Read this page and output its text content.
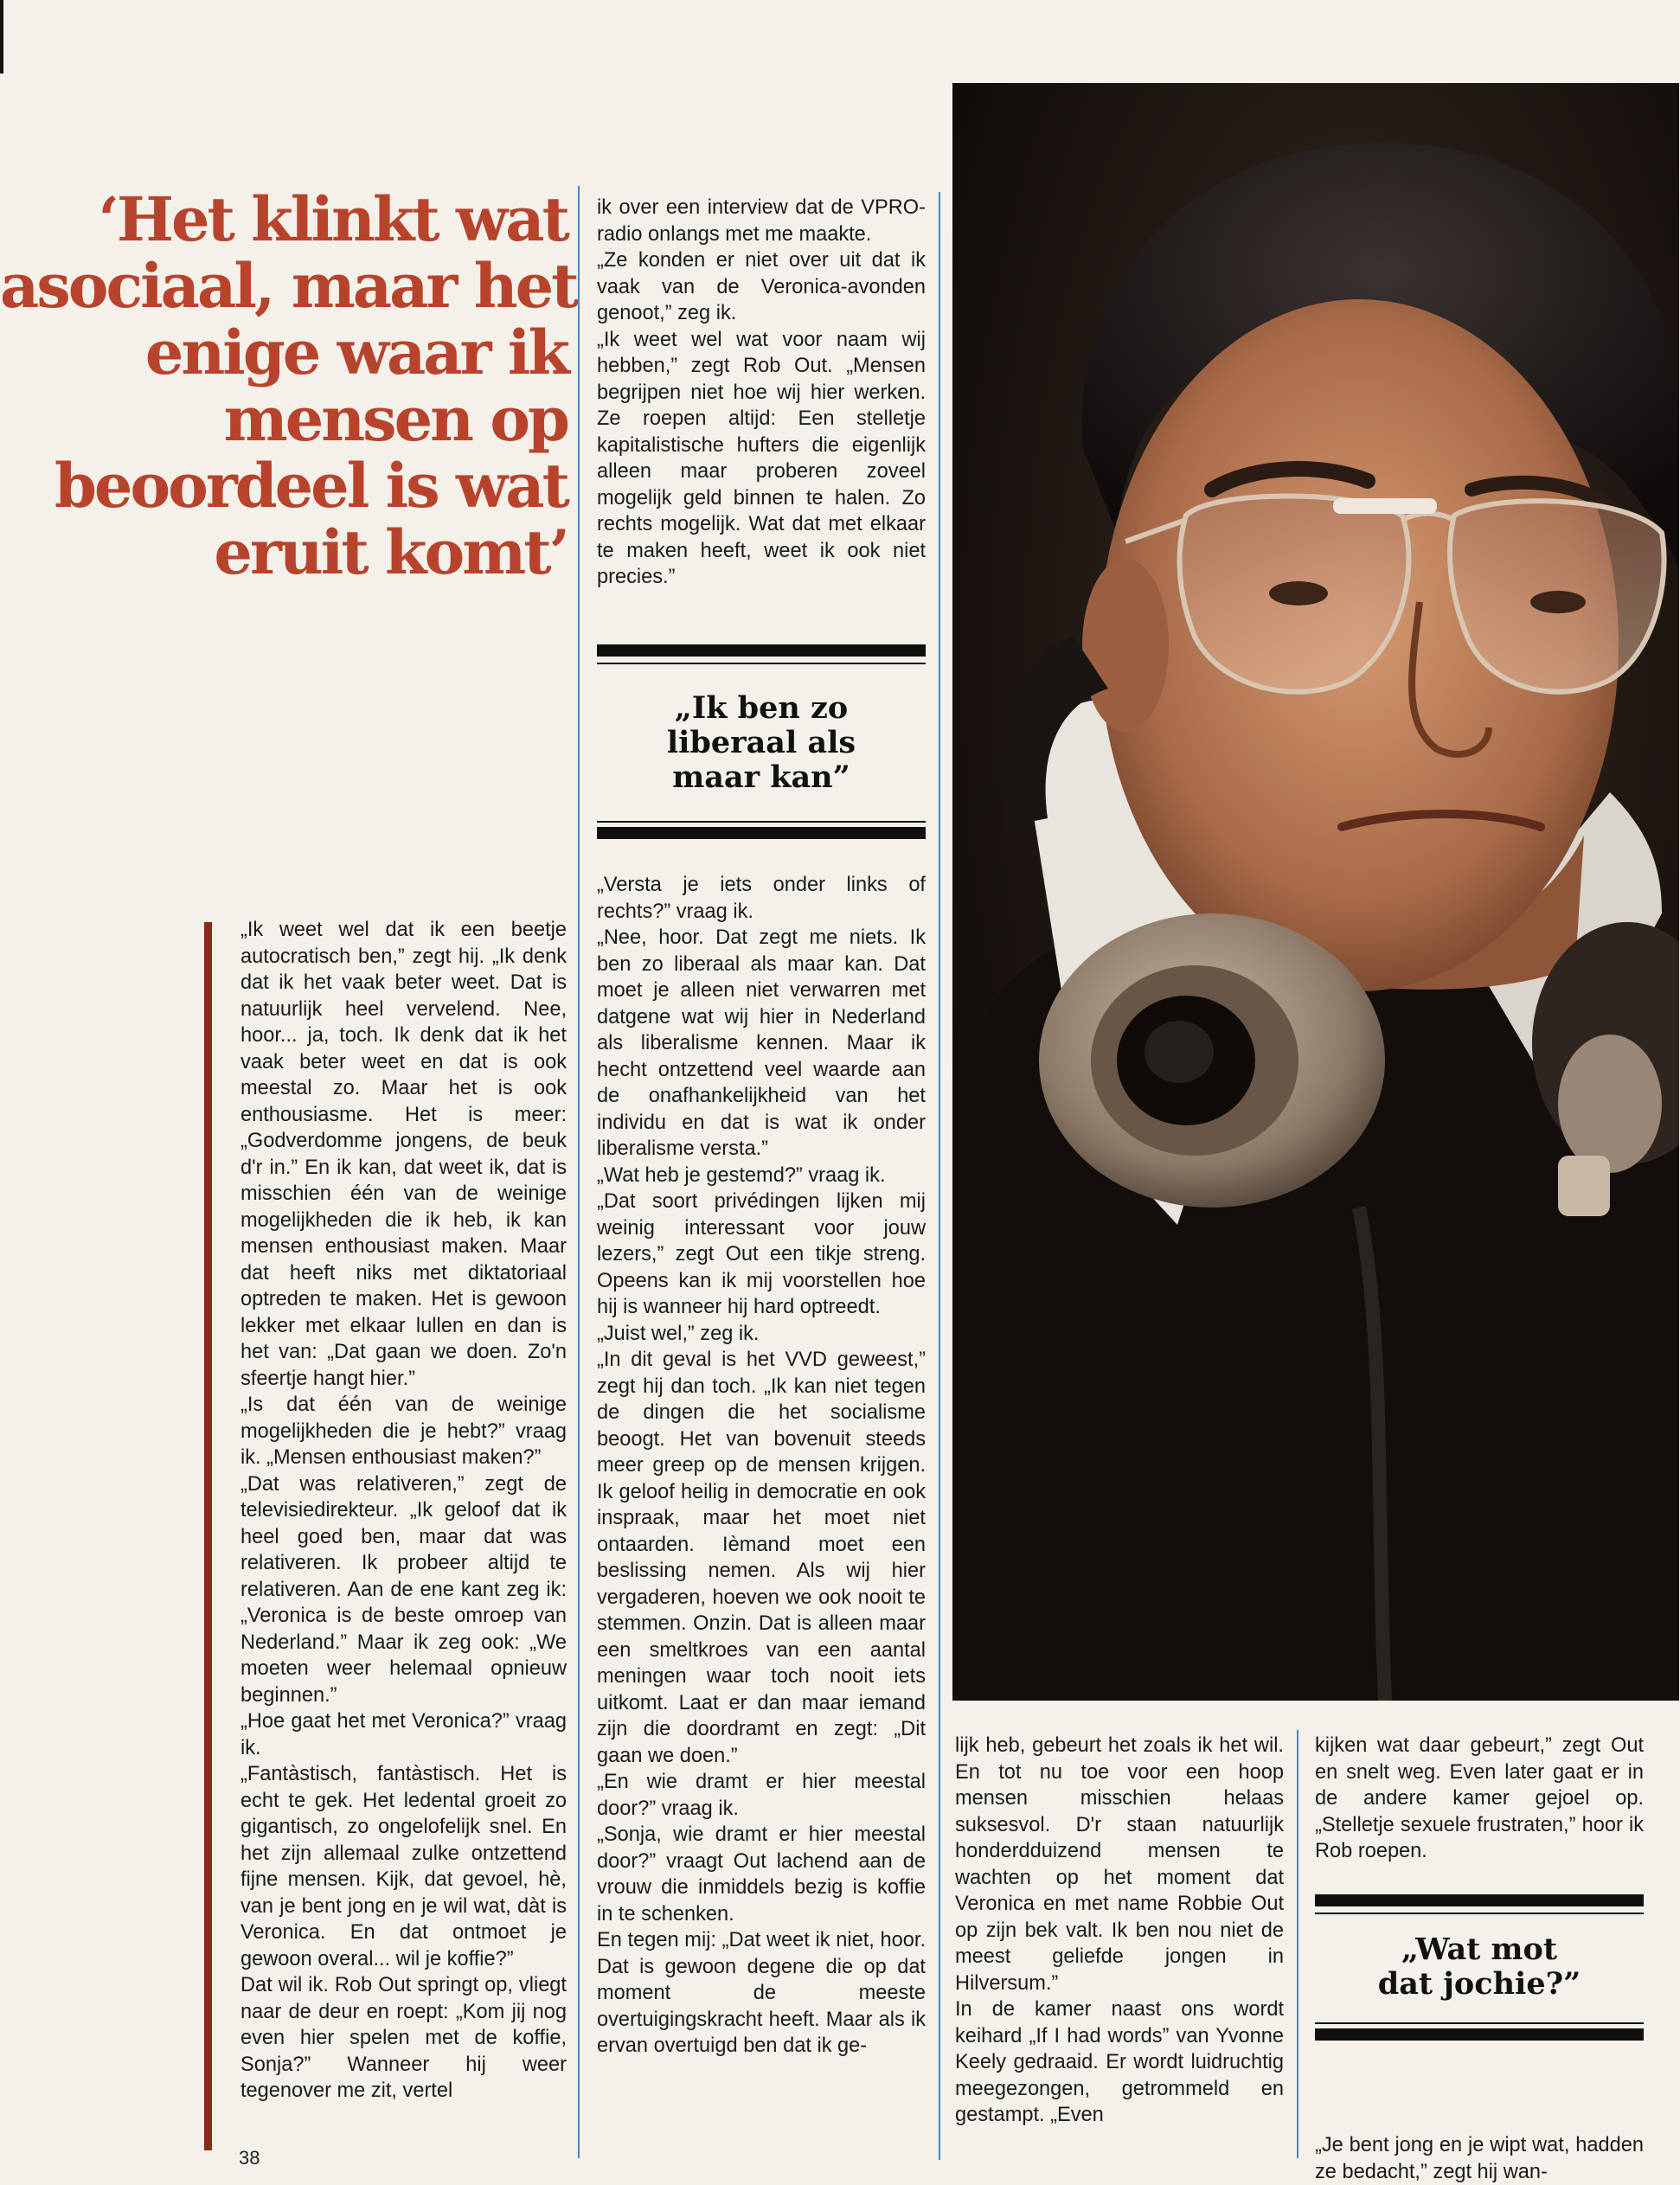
‘Het klinkt wat
asociaal, maar het
enige waar ik
mensen op
beoordeel is wat
eruit komt’

„Ik weet wel dat ik een beetje autocratisch ben,” zegt hij. „Ik denk dat ik het vaak beter weet. Dat is natuurlijk heel vervelend. Nee, hoor... ja, toch. Ik denk dat ik het vaak beter weet en dat is ook meestal zo. Maar het is ook enthousiasme. Het is meer: „Godverdomme jongens, de beuk d'r in.” En ik kan, dat weet ik, dat is misschien één van de weinige mogelijkheden die ik heb, ik kan mensen enthousiast maken. Maar dat heeft niks met diktatoriaal optreden te maken. Het is gewoon lekker met elkaar lullen en dan is het van: „Dat gaan we doen. Zo'n sfeertje hangt hier.”

„Is dat één van de weinige mogelijkheden die je hebt?” vraag ik. „Mensen enthousiast maken?”

„Dat was relativeren,” zegt de televisiedirekteur. „Ik geloof dat ik heel goed ben, maar dat was relativeren. Ik probeer altijd te relativeren. Aan de ene kant zeg ik: „Veronica is de beste omroep van Nederland.” Maar ik zeg ook: „We moeten weer helemaal opnieuw beginnen.”

„Hoe gaat het met Veronica?” vraag ik.

„Fantàstisch, fantàstisch. Het is echt te gek. Het ledental groeit zo gigantisch, zo ongelofelijk snel. En het zijn allemaal zulke ontzettend fijne mensen. Kijk, dat gevoel, hè, van je bent jong en je wil wat, dàt is Veronica. En dat ontmoet je gewoon overal... wil je koffie?”

Dat wil ik. Rob Out springt op, vliegt naar de deur en roept: „Kom jij nog even hier spelen met de koffie, Sonja?” Wanneer hij weer tegenover me zit, vertel

ik over een interview dat de VPRO-radio onlangs met me maakte.

„Ze konden er niet over uit dat ik vaak van de Veronica-avonden genoot,” zeg ik.

„Ik weet wel wat voor naam wij hebben,” zegt Rob Out. „Mensen begrijpen niet hoe wij hier werken. Ze roepen altijd: Een stelletje kapitalistische hufters die eigenlijk alleen maar proberen zoveel mogelijk geld binnen te halen. Zo rechts mogelijk. Wat dat met elkaar te maken heeft, weet ik ook niet precies.”

„Ik ben zo
liberaal als
maar kan”

„Versta je iets onder links of rechts?” vraag ik.

„Nee, hoor. Dat zegt me niets. Ik ben zo liberaal als maar kan. Dat moet je alleen niet verwarren met datgene wat wij hier in Nederland als liberalisme kennen. Maar ik hecht ontzettend veel waarde aan de onafhankelijkheid van het individu en dat is wat ik onder liberalisme versta.”

„Wat heb je gestemd?” vraag ik.

„Dat soort privédingen lijken mij weinig interessant voor jouw lezers,” zegt Out een tikje streng. Opeens kan ik mij voorstellen hoe hij is wanneer hij hard optreedt.

„Juist wel,” zeg ik.

„In dit geval is het VVD geweest,” zegt hij dan toch. „Ik kan niet tegen de dingen die het socialisme beoogt. Het van bovenuit steeds meer greep op de mensen krijgen. Ik geloof heilig in democratie en ook inspraak, maar het moet niet ontaarden. Ièmand moet een beslissing nemen. Als wij hier vergaderen, hoeven we ook nooit te stemmen. Onzin. Dat is alleen maar een smeltkroes van een aantal meningen waar toch nooit iets uitkomt. Laat er dan maar iemand zijn die doordramt en zegt: „Dit gaan we doen.”

„En wie dramt er hier meestal door?” vraag ik.

„Sonja, wie dramt er hier meestal door?” vraagt Out lachend aan de vrouw die inmiddels bezig is koffie in te schenken.

En tegen mij: „Dat weet ik niet, hoor. Dat is gewoon degene die op dat moment de meeste overtuigingskracht heeft. Maar als ik ervan overtuigd ben dat ik ge-

lijk heb, gebeurt het zoals ik het wil. En tot nu toe voor een hoop mensen misschien helaas suksesvol. D'r staan natuurlijk honderdduizend mensen te wachten op het moment dat Veronica en met name Robbie Out op zijn bek valt. Ik ben nou niet de meest geliefde jongen in Hilversum.”

In de kamer naast ons wordt keihard „If I had words” van Yvonne Keely gedraaid. Er wordt luidruchtig meegezongen, getrommeld en gestampt. „Even

kijken wat daar gebeurt,” zegt Out en snelt weg. Even later gaat er in de andere kamer gejoel op. „Stelletje sexuele frustraten,” hoor ik Rob roepen.

„Wat mot
dat jochie?”

„Je bent jong en je wipt wat, hadden ze bedacht,” zegt hij wan-

38
